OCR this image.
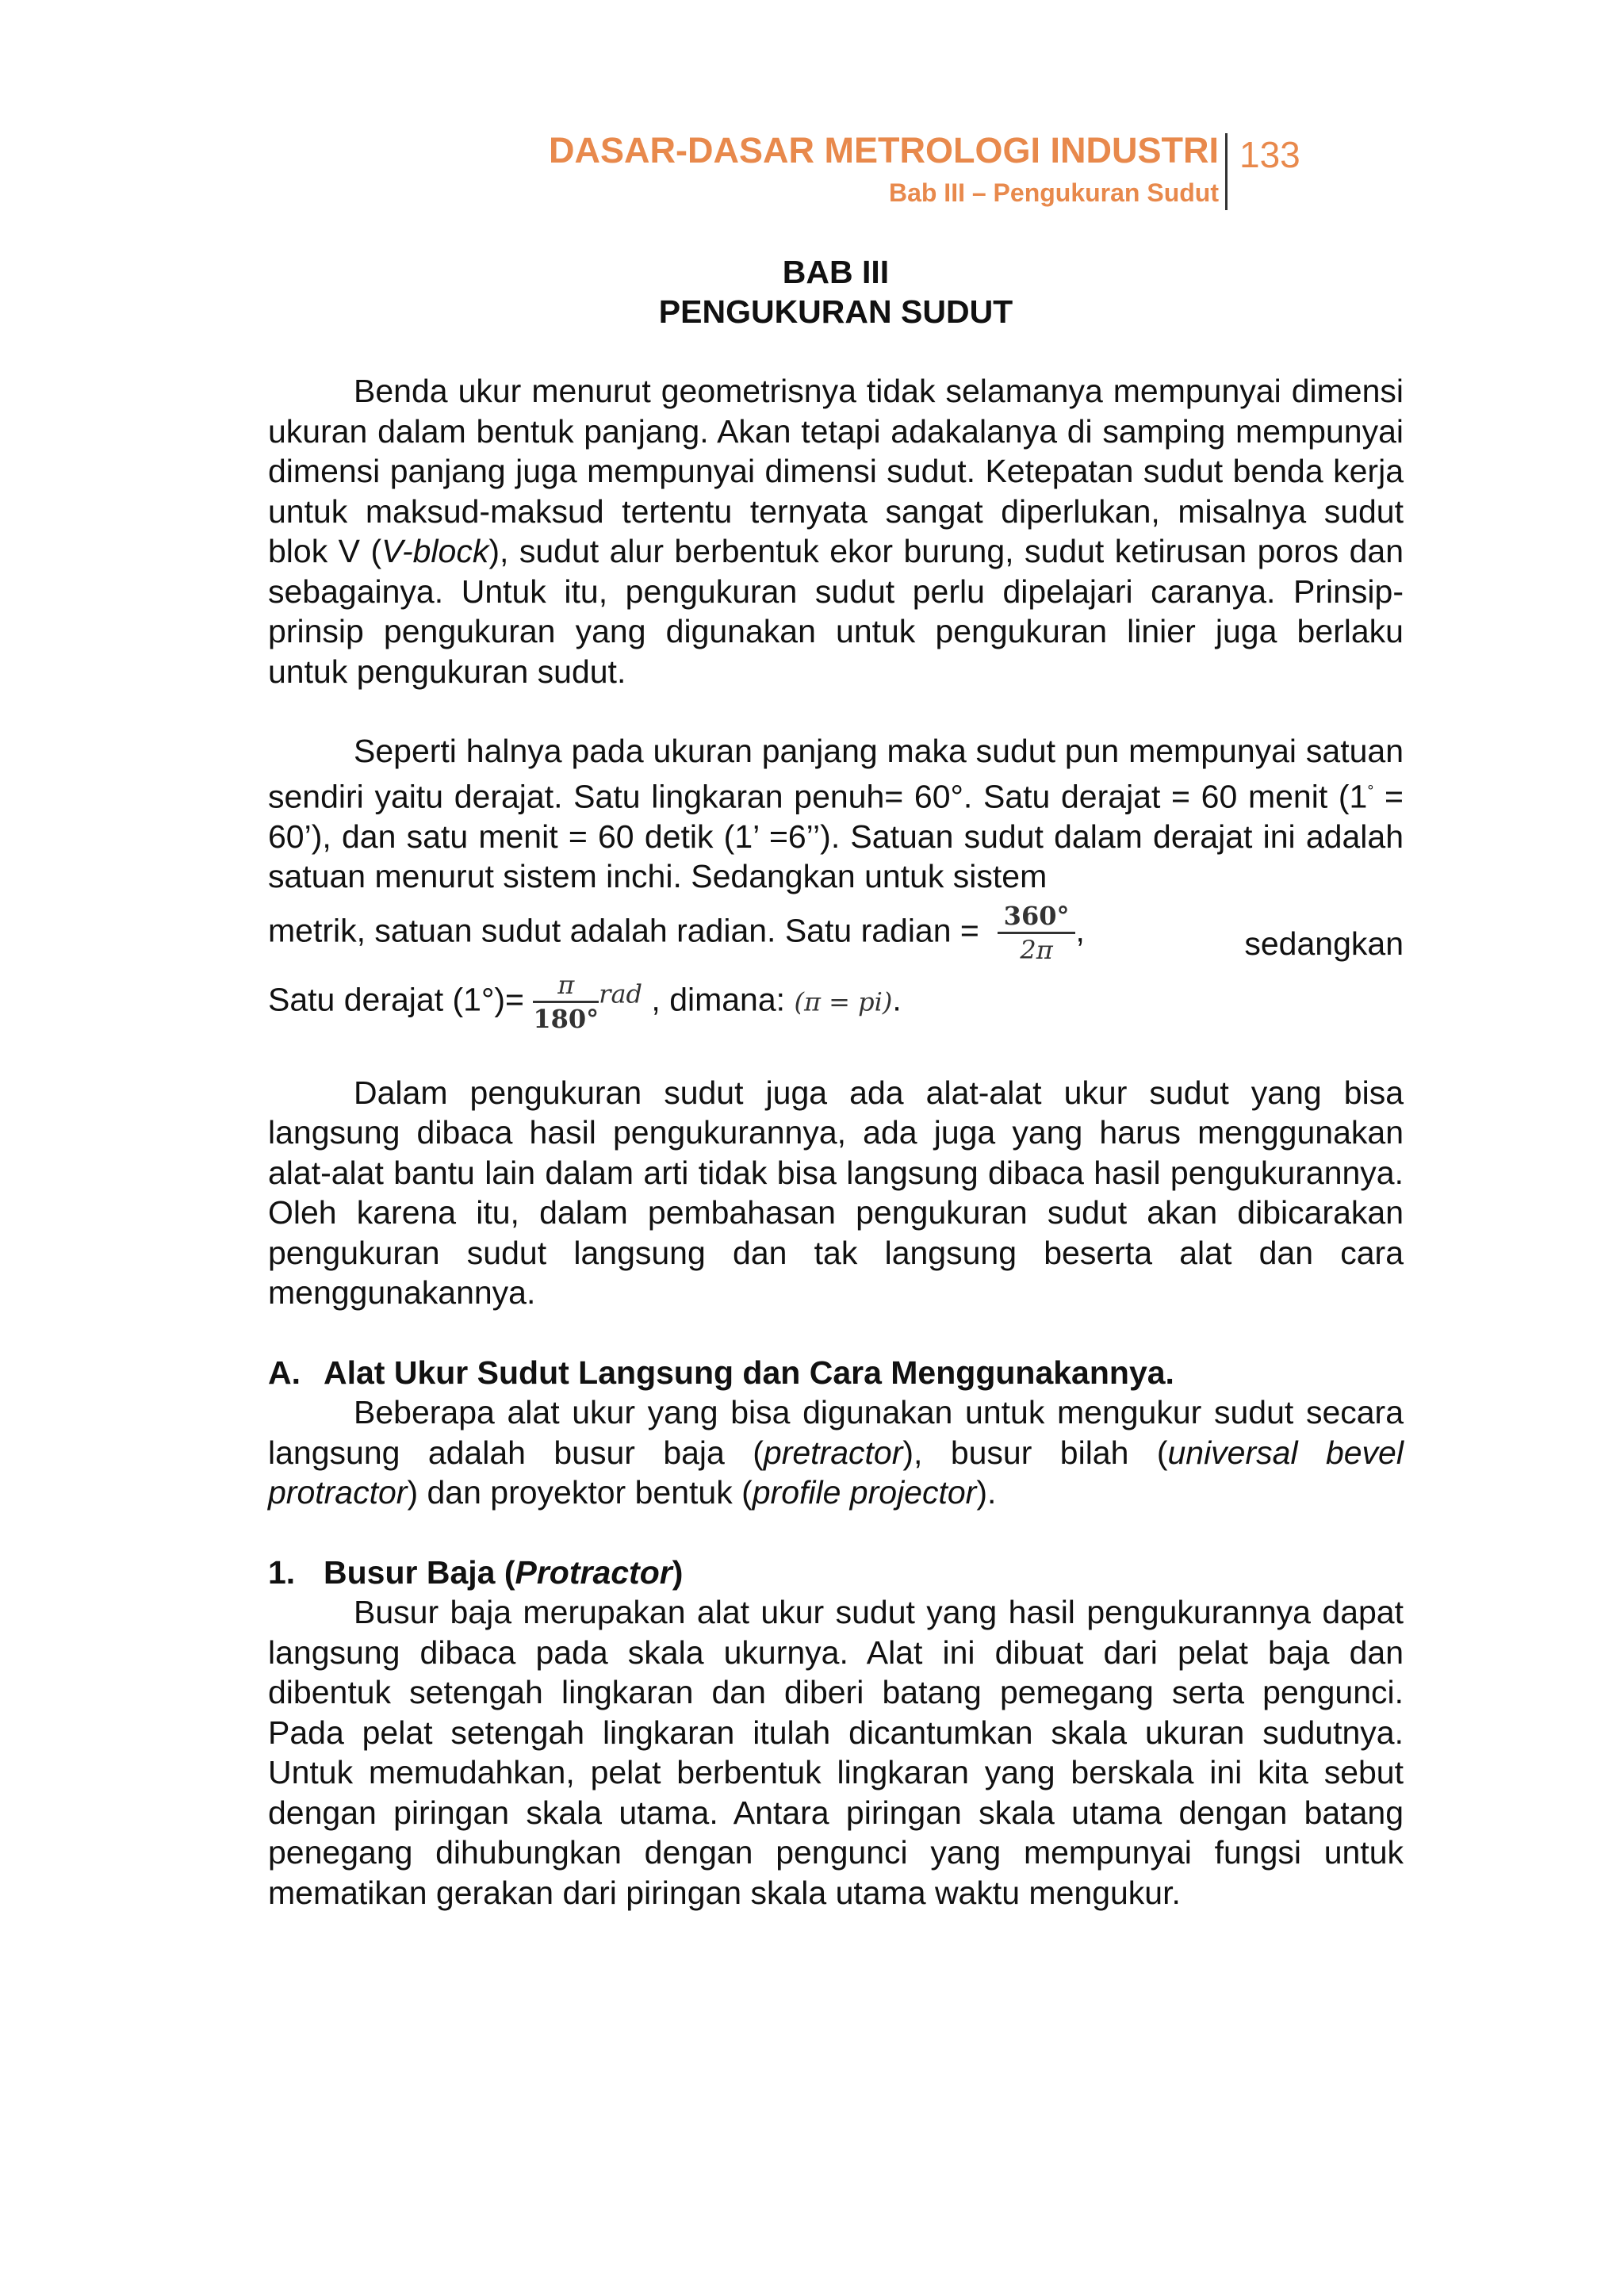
DASAR-DASAR METROLOGI INDUSTRI
Bab III – Pengukuran Sudut
133
BAB III
PENGUKURAN SUDUT

Benda ukur menurut geometrisnya tidak selamanya mempunyai dimensi ukuran dalam bentuk panjang. Akan tetapi adakalanya di samping mempunyai dimensi panjang juga mempunyai dimensi sudut. Ketepatan sudut benda kerja untuk maksud-maksud tertentu ternyata sangat diperlukan, misalnya sudut blok V (V-block), sudut alur berbentuk ekor burung, sudut ketirusan poros dan sebagainya. Untuk itu, pengukuran sudut perlu dipelajari caranya. Prinsip-prinsip pengukuran yang digunakan untuk pengukuran linier juga berlaku untuk pengukuran sudut.

Seperti halnya pada ukuran panjang maka sudut pun mempunyai satuan sendiri yaitu derajat. Satu lingkaran penuh= 60°. Satu derajat = 60 menit (1° = 60’), dan satu menit = 60 detik (1’ =6’’). Satuan sudut dalam derajat ini adalah satuan menurut sistem inchi. Sedangkan untuk sistem

metrik, satuan sudut adalah radian. Satu radian = $\frac{360^\circ}{2\pi}$ ,	sedangkan
Satu derajat $(1^\circ)= \frac{\pi}{180^\circ} ^{rad}$ , dimana: (π = pi).

Dalam pengukuran sudut juga ada alat-alat ukur sudut yang bisa langsung dibaca hasil pengukurannya, ada juga yang harus menggunakan alat-alat bantu lain dalam arti tidak bisa langsung dibaca hasil pengukurannya. Oleh karena itu, dalam pembahasan pengukuran sudut akan dibicarakan pengukuran sudut langsung dan tak langsung beserta alat dan cara menggunakannya.

A. Alat Ukur Sudut Langsung dan Cara Menggunakannya.

Beberapa alat ukur yang bisa digunakan untuk mengukur sudut secara langsung adalah busur baja (pretractor), busur bilah (universal bevel protractor) dan proyektor bentuk (profile projector).

1. Busur Baja (Protractor)

Busur baja merupakan alat ukur sudut yang hasil pengukurannya dapat langsung dibaca pada skala ukurnya. Alat ini dibuat dari pelat baja dan dibentuk setengah lingkaran dan diberi batang pemegang serta pengunci. Pada pelat setengah lingkaran itulah dicantumkan skala ukuran sudutnya. Untuk memudahkan, pelat berbentuk lingkaran yang berskala ini kita sebut dengan piringan skala utama. Antara piringan skala utama dengan batang penegang dihubungkan dengan pengunci yang mempunyai fungsi untuk mematikan gerakan dari piringan skala utama waktu mengukur.
